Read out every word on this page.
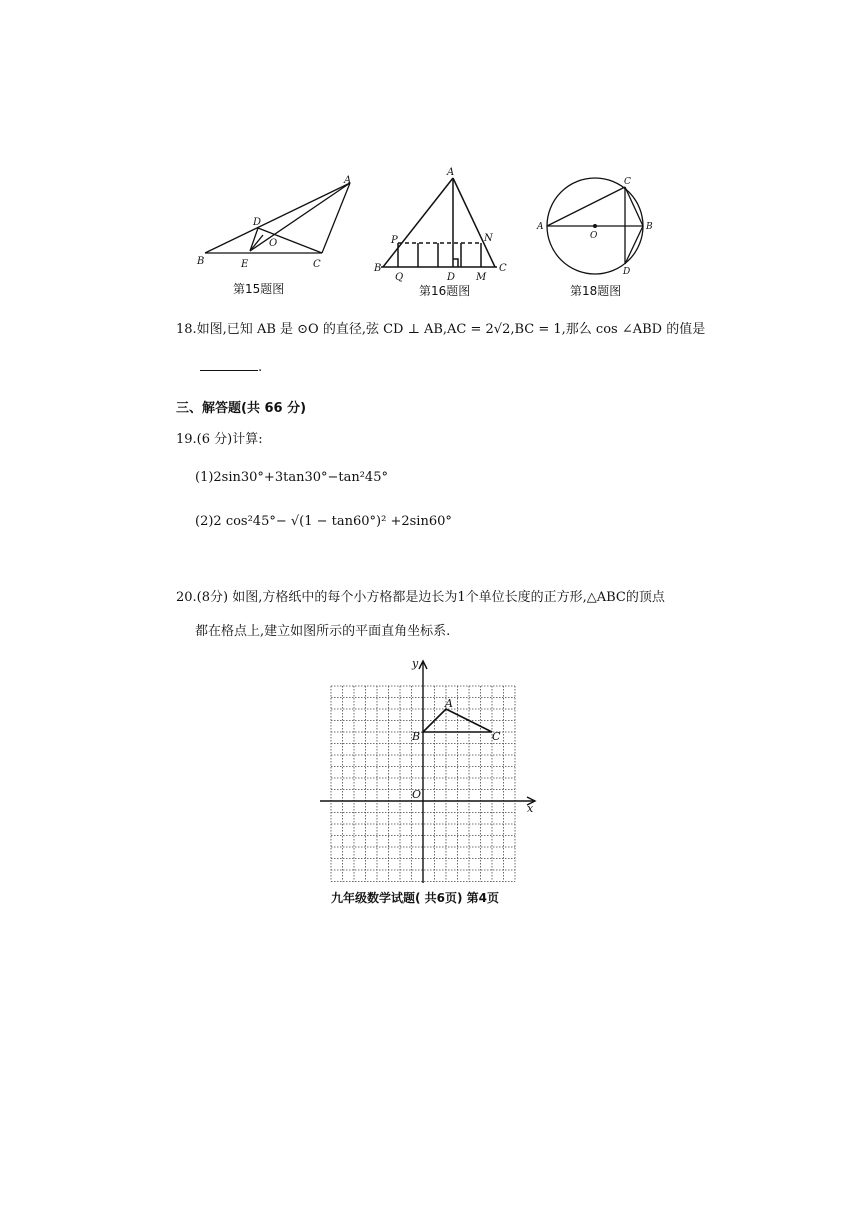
A
B	C
D
E
O
第15题图
A
B	C
D
P	N
Q	M
第16题图
A	B
C
D
O
第18题图
18.如图,已知 AB 是 ⊙O 的直径,弦 CD ⊥ AB,AC = 2√2,BC = 1,那么 cos ∠ABD 的值是
.
三、解答题(共 66 分)
19.(6 分)计算:
(1)2sin30°+3tan30°−tan²45°
(2)2 cos²45°− √(1 − tan60°)² +2sin60°
20.(8分) 如图,方格纸中的每个小方格都是边长为1个单位长度的正方形,△ABC的顶点
都在格点上,建立如图所示的平面直角坐标系.
y
x
O
A
B	C
九年级数学试题( 共6页) 第4页
